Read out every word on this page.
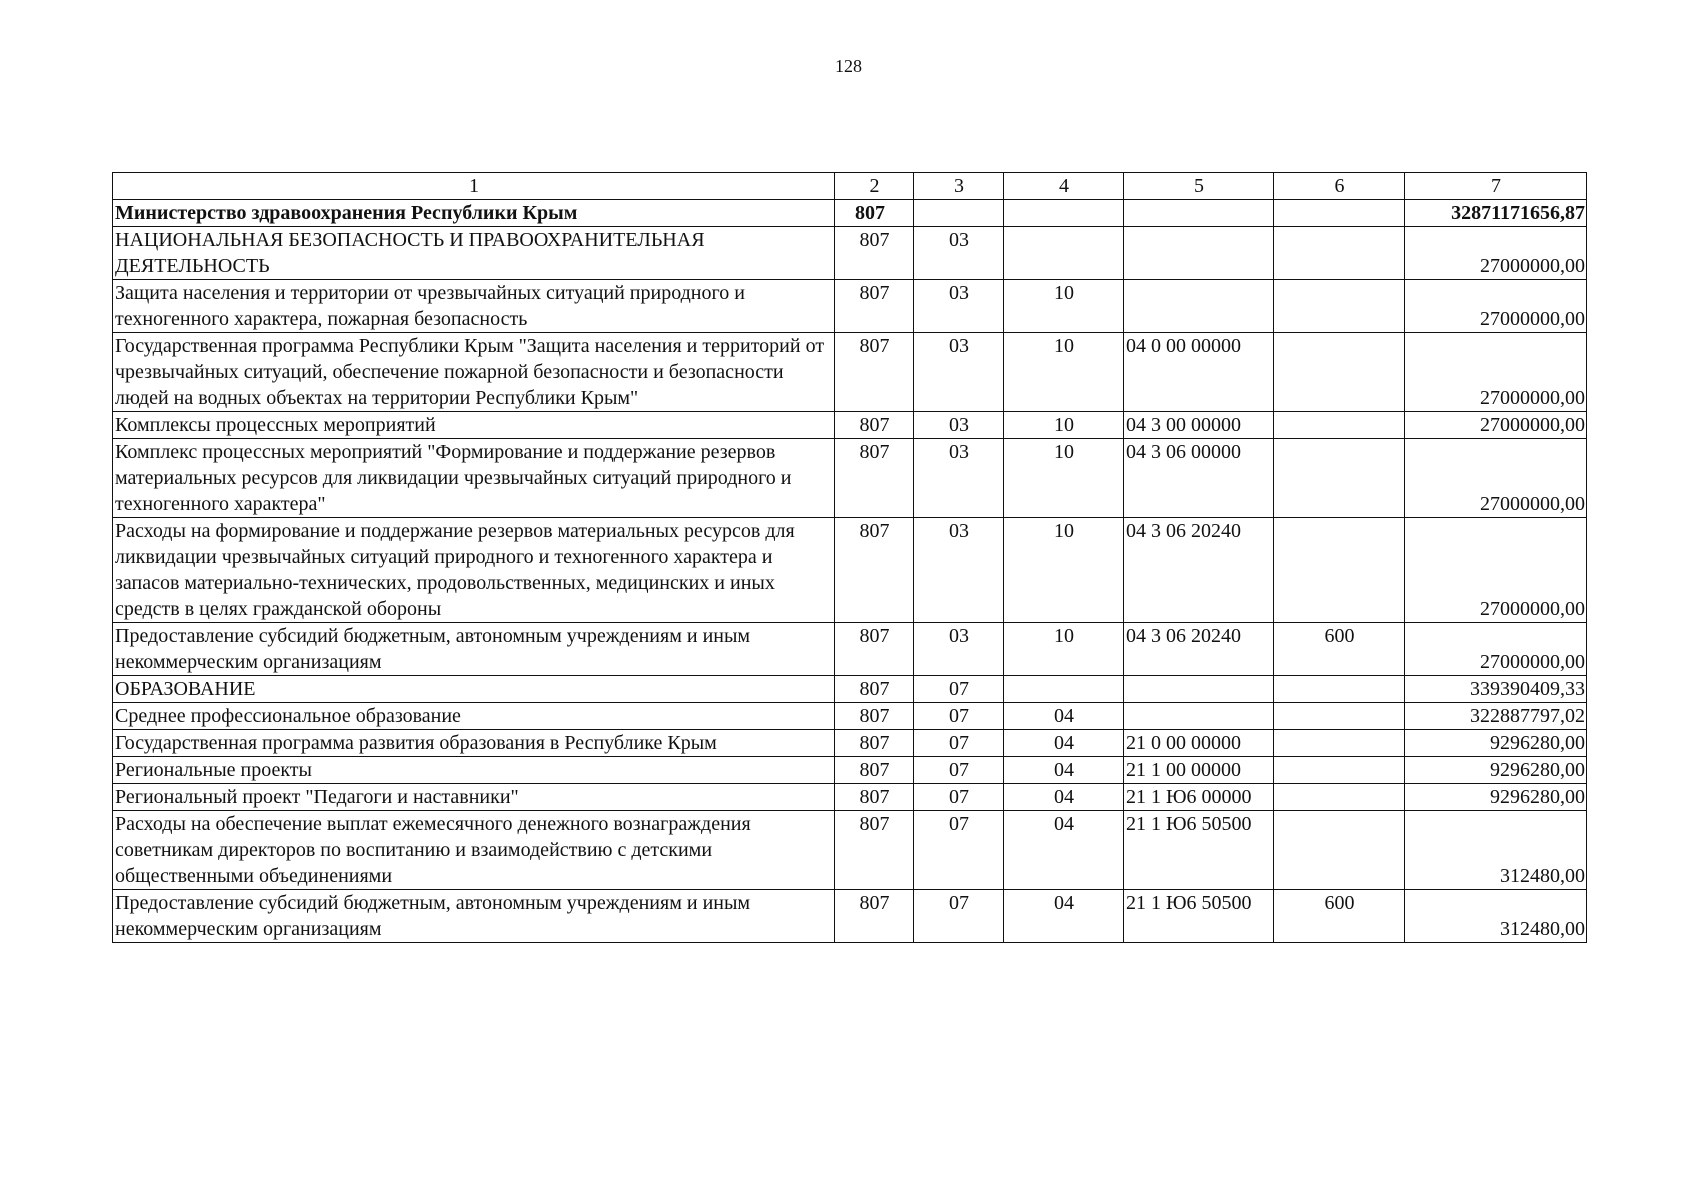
128
1	2	3	4	5	6	7
Министерство здравоохранения Республики Крым	807					32871171656,87
НАЦИОНАЛЬНАЯ БЕЗОПАСНОСТЬ И ПРАВООХРАНИТЕЛЬНАЯ ДЕЯТЕЛЬНОСТЬ	807	03				27000000,00
Защита населения и территории от чрезвычайных ситуаций природного и техногенного характера, пожарная безопасность	807	03	10			27000000,00
Государственная программа Республики Крым "Защита населения и территорий от чрезвычайных ситуаций, обеспечение пожарной безопасности и безопасности людей на водных объектах на территории Республики Крым"	807	03	10	04 0 00 00000		27000000,00
Комплексы процессных мероприятий	807	03	10	04 3 00 00000		27000000,00
Комплекс процессных мероприятий "Формирование и поддержание резервов материальных ресурсов для ликвидации чрезвычайных ситуаций природного и техногенного характера"	807	03	10	04 3 06 00000		27000000,00
Расходы на формирование и поддержание резервов материальных ресурсов для ликвидации чрезвычайных ситуаций природного и техногенного характера и запасов материально-технических, продовольственных, медицинских и иных средств в целях гражданской обороны	807	03	10	04 3 06 20240		27000000,00
Предоставление субсидий бюджетным, автономным учреждениям и иным некоммерческим организациям	807	03	10	04 3 06 20240	600	27000000,00
ОБРАЗОВАНИЕ	807	07				339390409,33
Среднее профессиональное образование	807	07	04			322887797,02
Государственная программа развития образования в Республике Крым	807	07	04	21 0 00 00000		9296280,00
Региональные проекты	807	07	04	21 1 00 00000		9296280,00
Региональный проект "Педагоги и наставники"	807	07	04	21 1 Ю6 00000		9296280,00
Расходы на обеспечение выплат ежемесячного денежного вознаграждения советникам директоров по воспитанию и взаимодействию с детскими общественными объединениями	807	07	04	21 1 Ю6 50500		312480,00
Предоставление субсидий бюджетным, автономным учреждениям и иным некоммерческим организациям	807	07	04	21 1 Ю6 50500	600	312480,00
